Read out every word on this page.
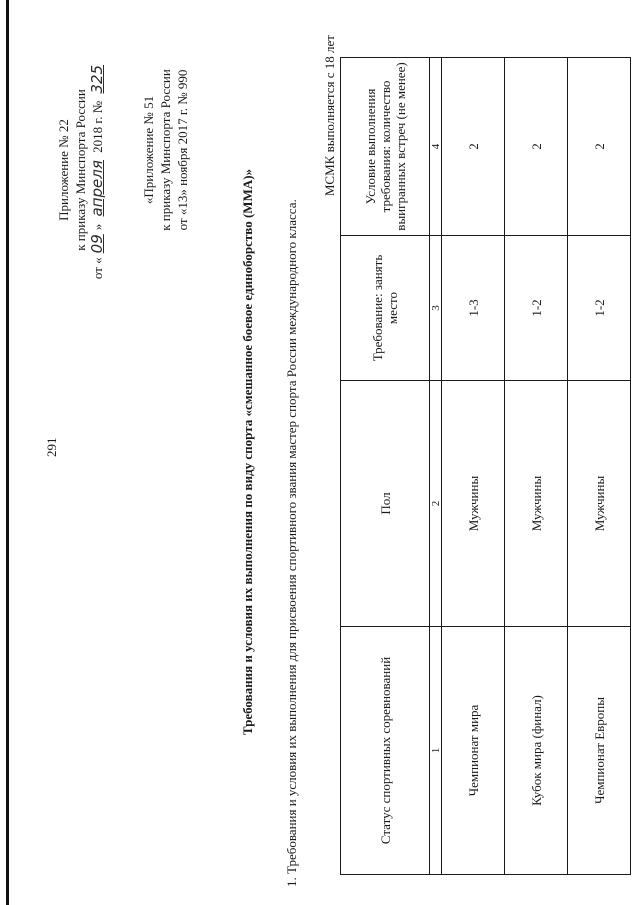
291
Приложение № 22 к приказу Минспорта России
от «09» апреля 2018 г. № 325
«Приложение № 51 к приказу Минспорта России от «13» ноября 2017 г. № 990
Требования и условия их выполнения по виду спорта «смешанное боевое единоборство (ММА)» 1. Требования и условия их выполнения для присвоения спортивного звания мастер спорта России международного класса.
МСМК выполняется с 18 лет
Статус спортивных соревнований	Пол	Требование: занять место	Условие выполнения требования: количество выигранных встреч (не менее)
1	2	3	4
Чемпионат мира	Мужчины	1-3	2
Кубок мира (финал)	Мужчины	1-2	2
Чемпионат Европы	Мужчины	1-2	2
